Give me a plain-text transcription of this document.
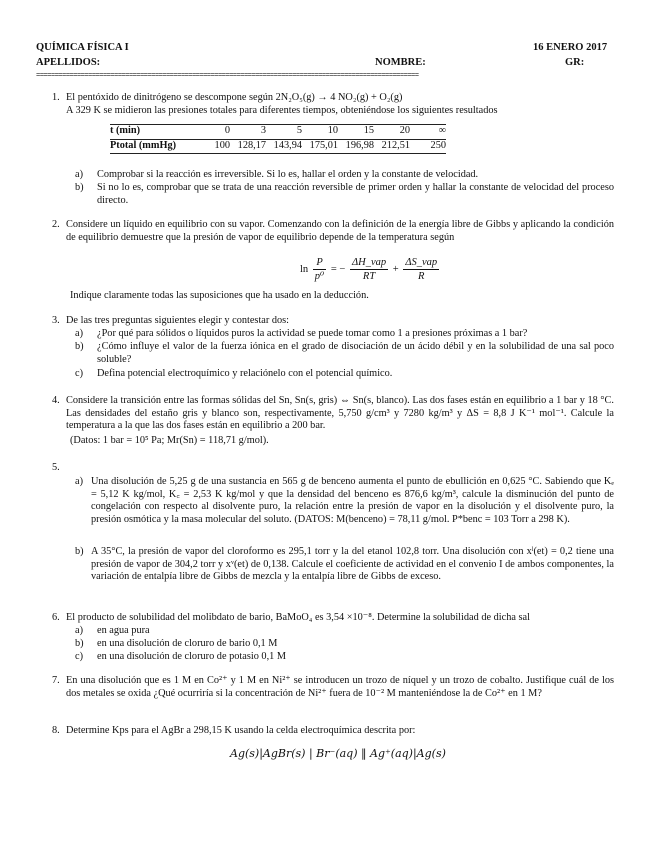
QUÍMICA FÍSICA I	16 ENERO 2017
APELLIDOS:	NOMBRE:	GR:
=======================================================================================================
1. El pentóxido de dinitrógeno se descompone según 2N₂O₅(g) → 4 NO₂(g) + O₂(g)
A 329 K se midieron las presiones totales para diferentes tiempos, obteniéndose los siguientes resultados
t (min)	0	3	5	10	15	20	∞
Ptotal (mmHg)	100	128,17	143,94	175,01	196,98	212,51	250
a) Comprobar si la reacción es irreversible. Si lo es, hallar el orden y la constante de velocidad.
b) Si no lo es, comprobar que se trata de una reacción reversible de primer orden y hallar la constante de velocidad del proceso directo.
2. Considere un líquido en equilibrio con su vapor. Comenzando con la definición de la energía libre de Gibbs y aplicando la condición de equilibrio demuestre que la presión de vapor de equilibrio depende de la temperatura según
$\ln \frac{P}{\text{p⁰}}$ = − $\frac{\text{ΔH\_vap}}{RT} + \frac{\text{ΔS\_vap}}{R}$
Indique claramente todas las suposiciones que ha usado en la deducción.
3. De las tres preguntas siguientes elegir y contestar dos:
a) ¿Por qué para sólidos o líquidos puros la actividad se puede tomar como 1 a presiones próximas a 1 bar?
b) ¿Cómo influye el valor de la fuerza iónica en el grado de disociación de un ácido débil y en la solubilidad de una sal poco soluble?
c) Defina potencial electroquímico y relaciónelo con el potencial químico.
4. Considere la transición entre las formas sólidas del Sn, Sn(s, gris) ⇔ Sn(s, blanco). Las dos fases están en equilibrio a 1 bar y 18 °C. Las densidades del estaño gris y blanco son, respectivamente, 5,750 g/cm³ y 7280 kg/m³ y ΔS = 8,8 J K⁻¹ mol⁻¹. Calcule la temperatura a la que las dos fases están en equilibrio a 200 bar.
(Datos: 1 bar = 10⁵ Pa; Mr(Sn) = 118,71 g/mol).
5.
a) Una disolución de 5,25 g de una sustancia en 565 g de benceno aumenta el punto de ebullición en 0,625 °C. Sabiendo que Kₑ = 5,12 K kg/mol, K꜀ = 2,53 K kg/mol y que la densidad del benceno es 876,6 kg/m³, calcule la disminución del punto de congelación con respecto al disolvente puro, la relación entre la presión de vapor en la disolución y el disolvente puro, la presión osmótica y la masa molecular del soluto. (DATOS: M(benceno) = 78,11 g/mol. P*benc = 103 Torr a 298 K).
b) A 35°C, la presión de vapor del cloroformo es 295,1 torr y la del etanol 102,8 torr. Una disolución con xˡ(et) = 0,2 tiene una presión de vapor de 304,2 torr y xᵛ(et) de 0,138. Calcule el coeficiente de actividad en el convenio I de ambos componentes, la variación de entalpía libre de Gibbs de mezcla y la entalpía libre de Gibbs de exceso.
6. El producto de solubilidad del molibdato de bario, BaMoO₄ es 3,54 ×10⁻⁸. Determine la solubilidad de dicha sal
a) en agua pura
b) en una disolución de cloruro de bario 0,1 M
c) en una disolución de cloruro de potasio 0,1 M
7. En una disolución que es 1 M en Co²⁺ y 1 M en Ni²⁺ se introducen un trozo de níquel y un trozo de cobalto. Justifique cuál de los dos metales se oxida ¿Qué ocurriría si la concentración de Ni²⁺ fuera de 10⁻² M manteniéndose la de Co²⁺ en 1 M?
8. Determine Kps para el AgBr a 298,15 K usando la celda electroquímica descrita por:
Ag(s)|AgBr(s) | Br⁻(aq) ‖ Ag⁺(aq)|Ag(s)
